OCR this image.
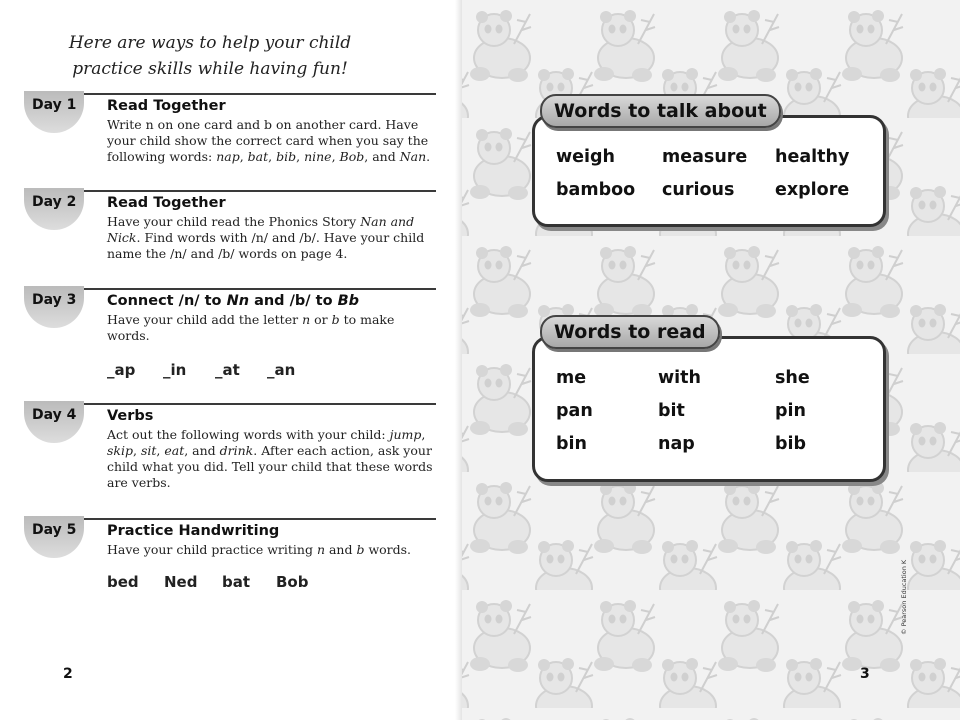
Here are ways to help your child practice skills while having fun!
Day 1 Read Together
Write n on one card and b on another card. Have your child show the correct card when you say the following words: nap, bat, bib, nine, Bob, and Nan.
Day 2 Read Together
Have your child read the Phonics Story Nan and Nick. Find words with /n/ and /b/. Have your child name the /n/ and /b/ words on page 4.
Day 3 Connect /n/ to Nn and /b/ to Bb
Have your child add the letter n or b to make words.
_ap _in _at _an
Day 4 Verbs
Act out the following words with your child: jump, skip, sit, eat, and drink. After each action, ask your child what you did. Tell your child that these words are verbs.
Day 5 Practice Handwriting
Have your child practice writing n and b words.
bed Ned bat Bob
2
Words to talk about
weigh	measure healthy
bamboo curious explore
Words to read
me	with	she
pan	bit	pin
bin	nap	bib
© Pearson Education K
3
